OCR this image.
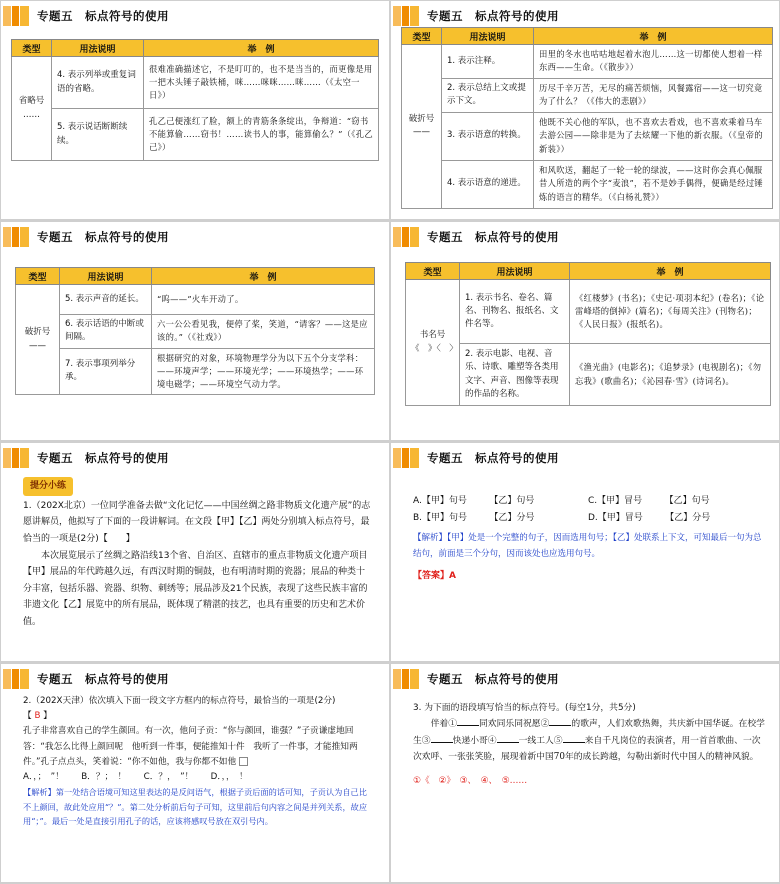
专题五　标点符号的使用
类型	用法说明	举　例
省略号
……	4. 表示列举或重复词语的省略。	很难准确描述它，不是叮叮的，也不是当当的，而更像是用一把木头锤子敲铁桶，咪……咪咪……咪……（《太空一日》）
	5. 表示说话断断续续。	孔乙己便涨红了脸，额上的青筋条条绽出，争辩道：“窃书不能算偷……窃书！……读书人的事，能算偷么？”（《孔乙己》）
专题五　标点符号的使用
类型	用法说明	举　例
破折号
——	1. 表示注释。	田里的冬水也咕咕地起着水泡儿……这一切都使人想着一样东西——生命。（《散步》）
	2. 表示总结上文或提示下文。	历尽千辛万苦，无尽的痛苦烦恼，风餐露宿——这一切究竟为了什么？（《伟大的悲剧》）
	3. 表示语意的转换。	他既不关心他的军队，也不喜欢去看戏，也不喜欢乘着马车去游公园——除非是为了去炫耀一下他的新衣服。（《皇帝的新装》）
	4. 表示语意的递进。	和风吹送，翻起了一轮一轮的绿波，——这时你会真心佩服昔人所造的两个字“麦浪”，若不是妙手偶得，便确是经过锤炼的语言的精华。（《白杨礼赞》）
专题五　标点符号的使用
类型	用法说明	举　例
破折号
——	5. 表示声音的延长。	“呜——”火车开动了。
	6. 表示话语的中断或间隔。	六一公公看见我，便停了桨，笑道，“请客？——这是应该的。”（《社戏》）
	7. 表示事项列举分承。	根据研究的对象，环境物理学分为以下五个分支学科：——环境声学；——环境光学；——环境热学；——环境电磁学；——环境空气动力学。
专题五　标点符号的使用
类型	用法说明	举　例
书名号
《　》〈　〉	1. 表示书名、卷名、篇名、刊物名、报纸名、文件名等。	《红楼梦》(书名)；《史记·项羽本纪》(卷名)；《论雷峰塔的倒掉》(篇名)；《每周关注》(刊物名)；《人民日报》(报纸名)。
	2. 表示电影、电视、音乐、诗歌、雕塑等各类用文字、声音、图像等表现的作品的名称。	《渔光曲》(电影名)；《追梦录》(电视剧名)；《勿忘我》(歌曲名)；《沁园春·雪》(诗词名)。
专题五　标点符号的使用
提分小练
1.（202X北京）一位同学准备去做“文化记忆——中国丝绸之路非物质文化遗产展”的志愿讲解员，他拟写了下面的一段讲解词。在文段【甲】【乙】两处分别填入标点符号，最恰当的一项是(2分)【　　】
本次展览展示了丝绸之路沿线13个省、自治区、直辖市的重点非物质文化遗产项目【甲】展品的年代跨越久远，有西汉时期的铜鼓，也有明清时期的瓷器；展品的种类十分丰富，包括乐器、瓷器、织物、刺绣等；展品涉及21个民族，表现了这些民族丰富的非遗文化【乙】展览中的所有展品，既体现了精湛的技艺，也具有重要的历史和艺术价值。
专题五　标点符号的使用
A.【甲】句号　　　【乙】句号	C.【甲】冒号　　　【乙】句号
B.【甲】句号　　　【乙】分号	D.【甲】冒号　　　【乙】分号
【解析】【甲】处是一个完整的句子，因而选用句号；【乙】处联系上下文，可知最后一句为总结句，前面是三个分句，因而该处也应选用句号。
【答案】A
专题五　标点符号的使用
2.（202X天津）依次填入下面一段文字方框内的标点符号，最恰当的一项是(2分)
【 B 】
孔子非常喜欢自己的学生颜回。有一次，他问子贡：“你与颜回，谁强？”子贡谦虚地回答：“我怎么比得上颜回呢　他听到一件事，便能推知十件　我听了一件事，才能推知两件。”孔子点点头，笑着说：“你不如他，我与你都不如他
A．，；　”！　　B．？；　！　　C．？，　”！　　D．，，　！
【解析】第一处结合语境可知这里表达的是反问语气，根据子贡后面的话可知，子贡认为自己比不上颜回，故此处应用“？”。第二处分析前后句子可知，这里前后句内容之间是并列关系，故应用“；”。最后一处是直接引用孔子的话，应该将感叹号放在双引号内。
专题五　标点符号的使用
3. 为下面的语段填写恰当的标点符号。(每空1分，共5分)
伴着①	同欢同乐同祝愿②	的歌声，人们欢歌热舞，共庆新中国华诞。在校学生③	快递小哥④	一线工人⑤	来自千凡岗位的表演者，用一首首歌曲、一次次欢呼、一张张笑脸，展现着新中国70年的成长跨越，勾勒出新时代中国人的精神风貌。
①《　②》　③、　④、　⑤……
